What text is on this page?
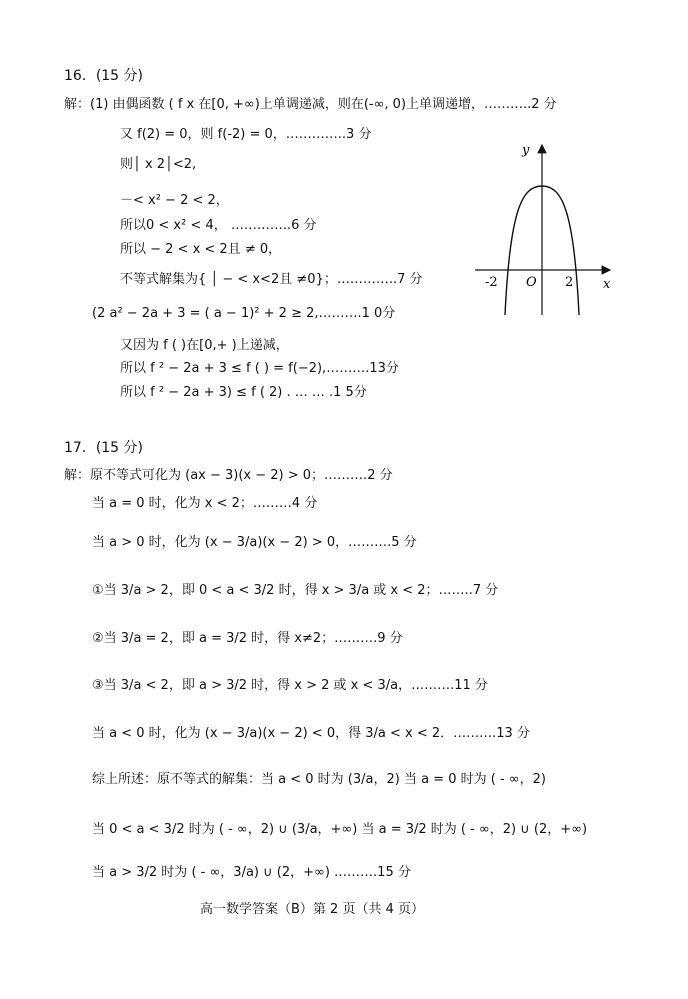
16．(15 分)
解：(1) 由偶函数 ( f x 在[0, +∞)上单调递减，则在(-∞, 0)上单调递增，………..2 分
又 f(2) = 0，则 f(-2) = 0，…………..3 分
则│ x 2│<2,
－< x² − 2 < 2，
所以0 < x² < 4， …………..6 分
所以 − 2 < x < 2且 ≠ 0，
不等式解集为{ │ − < x<2且 ≠0}；…………..7 分
(2 a² − 2a + 3 = ( a − 1)² + 2 ≥ 2,……….1 0分
又因为 f ( )在[0,+ )上递减，
所以 f ² − 2a + 3 ≤ f ( ) = f(−2),……….13分
所以 f ² − 2a + 3) ≤ f ( 2) . … … .1 5分
y
x
O
-2	2
17．(15 分)
解：原不等式可化为 (ax − 3)(x − 2) > 0；……….2 分
当 a = 0 时，化为 x < 2；………4 分
当 a > 0 时，化为 (x − 3/a)(x − 2) > 0，……….5 分
①当 3/a > 2，即 0 < a < 3/2 时，得 x > 3/a 或 x < 2；……..7 分
②当 3/a = 2，即 a = 3/2 时，得 x≠2；……….9 分
③当 3/a < 2，即 a > 3/2 时，得 x > 2 或 x < 3/a，……….11 分
当 a < 0 时，化为 (x − 3/a)(x − 2) < 0，得 3/a < x < 2．……….13 分
综上所述：原不等式的解集：当 a < 0 时为 (3/a，2) 当 a = 0 时为 ( - ∞，2)
当 0 < a < 3/2 时为 ( - ∞，2) ∪ (3/a，+∞) 当 a = 3/2 时为 ( - ∞，2) ∪ (2，+∞)
当 a > 3/2 时为 ( - ∞，3/a) ∪ (2，+∞) ……….15 分
高一数学答案（B）第 2 页（共 4 页）
